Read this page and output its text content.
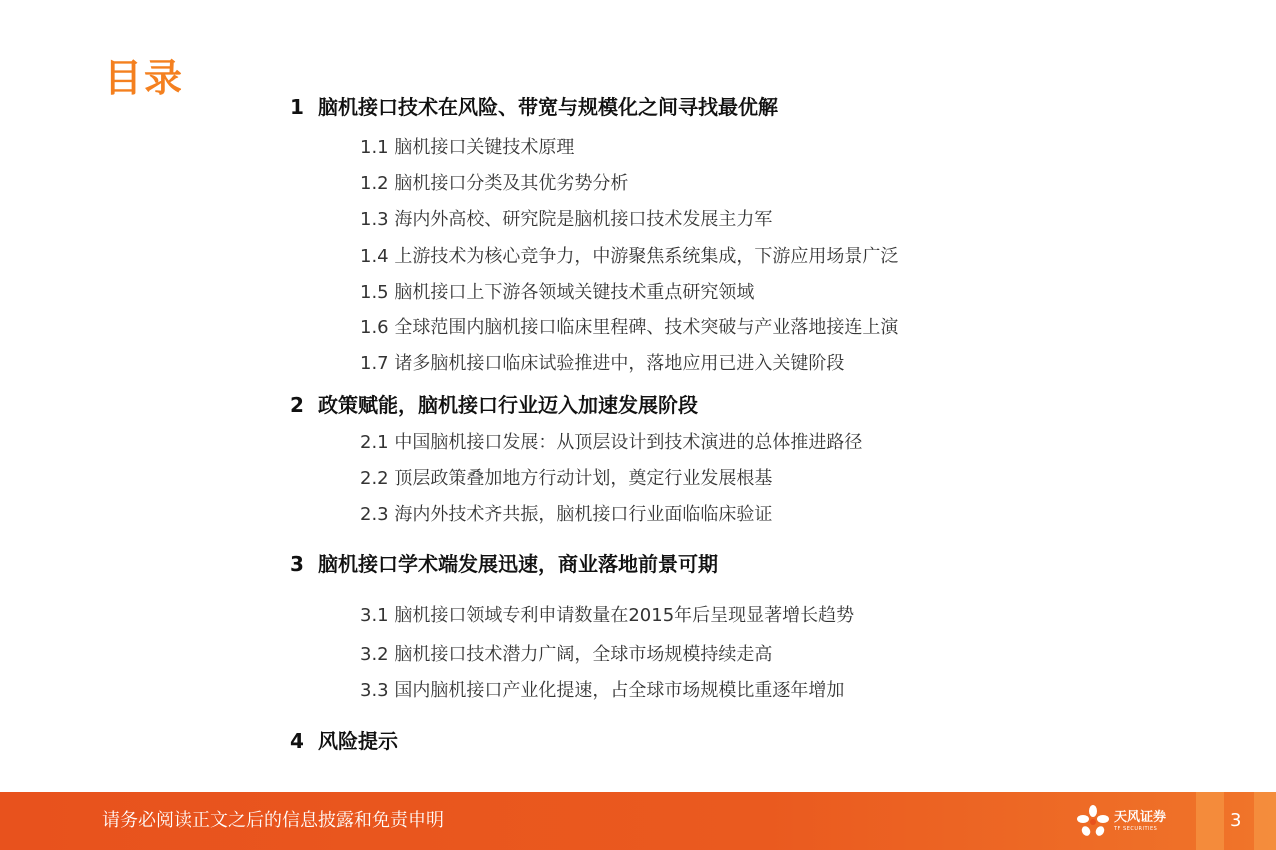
目录
1 脑机接口技术在风险、带宽与规模化之间寻找最优解
1.1 脑机接口关键技术原理
1.2 脑机接口分类及其优劣势分析
1.3 海内外高校、研究院是脑机接口技术发展主力军
1.4 上游技术为核心竞争力，中游聚焦系统集成，下游应用场景广泛
1.5 脑机接口上下游各领域关键技术重点研究领域
1.6 全球范围内脑机接口临床里程碑、技术突破与产业落地接连上演
1.7 诸多脑机接口临床试验推进中，落地应用已进入关键阶段
2 政策赋能，脑机接口行业迈入加速发展阶段
2.1 中国脑机接口发展：从顶层设计到技术演进的总体推进路径
2.2 顶层政策叠加地方行动计划，奠定行业发展根基
2.3 海内外技术齐共振，脑机接口行业面临临床验证
3 脑机接口学术端发展迅速，商业落地前景可期
3.1 脑机接口领域专利申请数量在2015年后呈现显著增长趋势
3.2 脑机接口技术潜力广阔，全球市场规模持续走高
3.3 国内脑机接口产业化提速，占全球市场规模比重逐年增加
4 风险提示
请务必阅读正文之后的信息披露和免责申明	天风证券
TF SECURITIES	3
